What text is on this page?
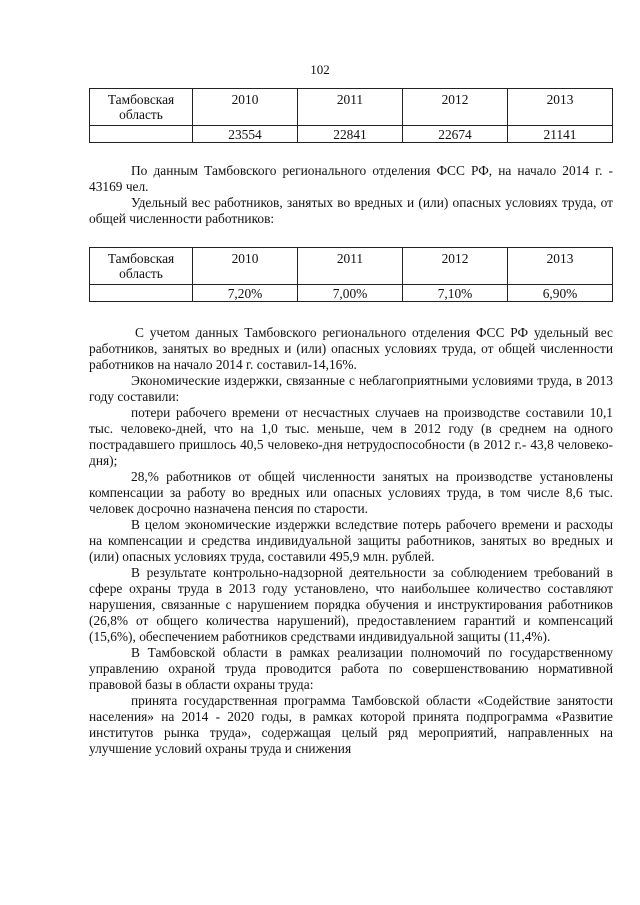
102
Тамбовская область	2010	2011	2012	2013
	23554	22841	22674	21141

По данным Тамбовского регионального отделения ФСС РФ, на начало 2014 г. - 43169 чел.

Удельный вес работников, занятых во вредных и (или) опасных условиях труда, от общей численности работников:

Тамбовская область	2010	2011	2012	2013
	7,20%	7,00%	7,10%	6,90%

С учетом данных Тамбовского регионального отделения ФСС РФ удельный вес работников, занятых во вредных и (или) опасных условиях труда, от общей численности работников на начало 2014 г. составил-14,16%.

Экономические издержки, связанные с неблагоприятными условиями труда, в 2013 году составили:

потери рабочего времени от несчастных случаев на производстве составили 10,1 тыс. человеко-дней, что на 1,0 тыс. меньше, чем в 2012 году (в среднем на одного пострадавшего пришлось 40,5 человеко-дня нетрудоспособности (в 2012 г.- 43,8 человеко-дня);

28,% работников от общей численности занятых на производстве установлены компенсации за работу во вредных или опасных условиях труда, в том числе 8,6 тыс. человек досрочно назначена пенсия по старости.

В целом экономические издержки вследствие потерь рабочего времени и расходы на компенсации и средства индивидуальной защиты работников, занятых во вредных и (или) опасных условиях труда, составили 495,9 млн. рублей.

В результате контрольно-надзорной деятельности за соблюдением требований в сфере охраны труда в 2013 году установлено, что наибольшее количество составляют нарушения, связанные с нарушением порядка обучения и инструктирования работников (26,8% от общего количества нарушений), предоставлением гарантий и компенсаций (15,6%), обеспечением работников средствами индивидуальной защиты (11,4%).

В Тамбовской области в рамках реализации полномочий по государственному управлению охраной труда проводится работа по совершенствованию нормативной правовой базы в области охраны труда:

принята государственная программа Тамбовской области «Содействие занятости населения» на 2014 - 2020 годы, в рамках которой принята подпрограмма «Развитие институтов рынка труда», содержащая целый ряд мероприятий, направленных на улучшение условий охраны труда и снижения
